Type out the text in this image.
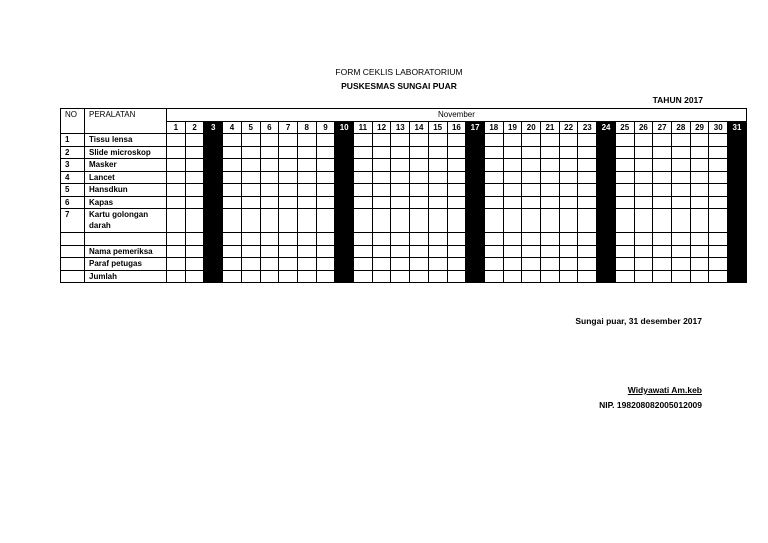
FORM CEKLIS LABORATORIUM
PUSKESMAS SUNGAI PUAR
TAHUN 2017
NO	PERALATAN	November																														
		1	2	3	4	5	6	7	8	9	10	11	12	13	14	15	16	17	18	19	20	21	22	23	24	25	26	27	28	29	30	31
1	Tissu lensa																															
2	Slide microskop																															
3	Masker																															
4	Lancet																															
5	Hansdkun																															
6	Kapas																															
7	Kartu golongan darah																															

	Nama pemeriksa																															
	Paraf petugas																															
	Jumlah																															
Sungai puar, 31 desember 2017
Widyawati Am.keb
NIP. 198208082005012009
